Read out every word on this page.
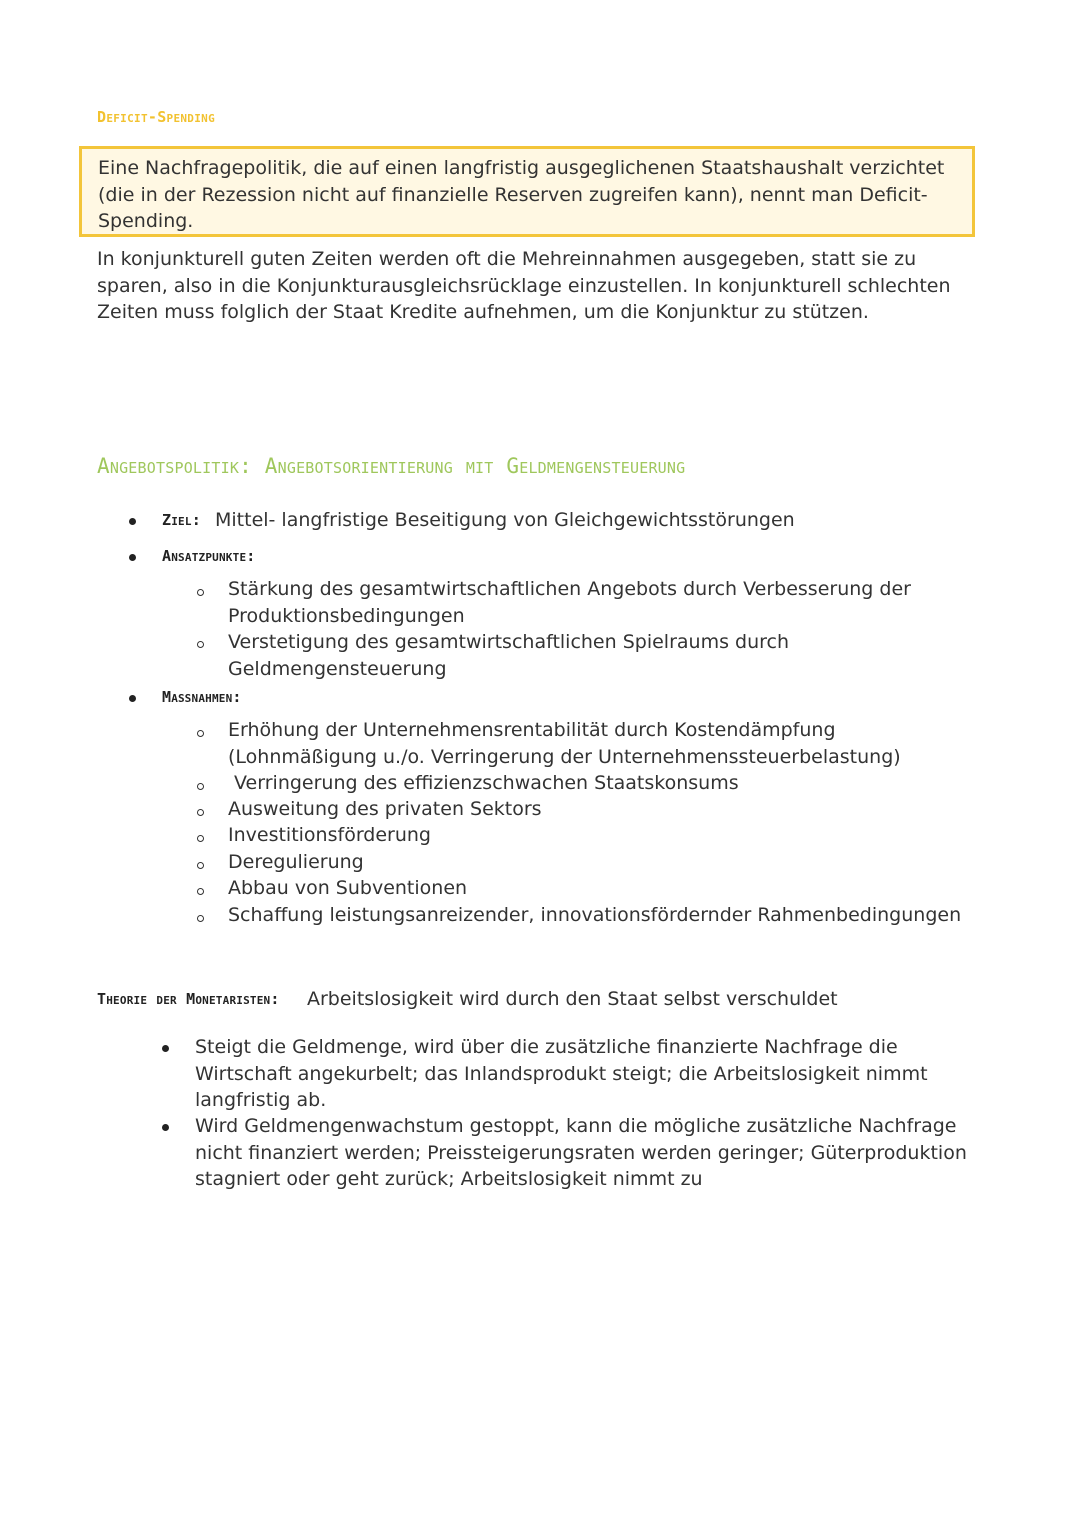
Deficit-Spending

Eine Nachfragepolitik, die auf einen langfristig ausgeglichenen Staatshaushalt verzichtet (die in der Rezession nicht auf finanzielle Reserven zugreifen kann), nennt man Deficit-Spending.

In konjunkturell guten Zeiten werden oft die Mehreinnahmen ausgegeben, statt sie zu sparen, also in die Konjunkturausgleichsrücklage einzustellen. In konjunkturell schlechten Zeiten muss folglich der Staat Kredite aufnehmen, um die Konjunktur zu stützen.

Angebotspolitik: Angebotsorientierung mit Geldmengensteuerung
Ziel: Mittel- langfristige Beseitigung von Gleichgewichtsstörungen
Ansatzpunkte:
Stärkung des gesamtwirtschaftlichen Angebots durch Verbesserung der Produktionsbedingungen
Verstetigung des gesamtwirtschaftlichen Spielraums durch Geldmengensteuerung
Maßnahmen:
Erhöhung der Unternehmensrentabilität durch Kostendämpfung (Lohnmäßigung u./o. Verringerung der Unternehmenssteuerbelastung)
Verringerung des effizienzschwachen Staatskonsums
Ausweitung des privaten Sektors
Investitionsförderung
Deregulierung
Abbau von Subventionen
Schaffung leistungsanreizender, innovationsfördernder Rahmenbedingungen
Theorie der Monetaristen: Arbeitslosigkeit wird durch den Staat selbst verschuldet
Steigt die Geldmenge, wird über die zusätzliche finanzierte Nachfrage die Wirtschaft angekurbelt; das Inlandsprodukt steigt; die Arbeitslosigkeit nimmt langfristig ab.
Wird Geldmengenwachstum gestoppt, kann die mögliche zusätzliche Nachfrage nicht finanziert werden; Preissteigerungsraten werden geringer; Güterproduktion stagniert oder geht zurück; Arbeitslosigkeit nimmt zu
